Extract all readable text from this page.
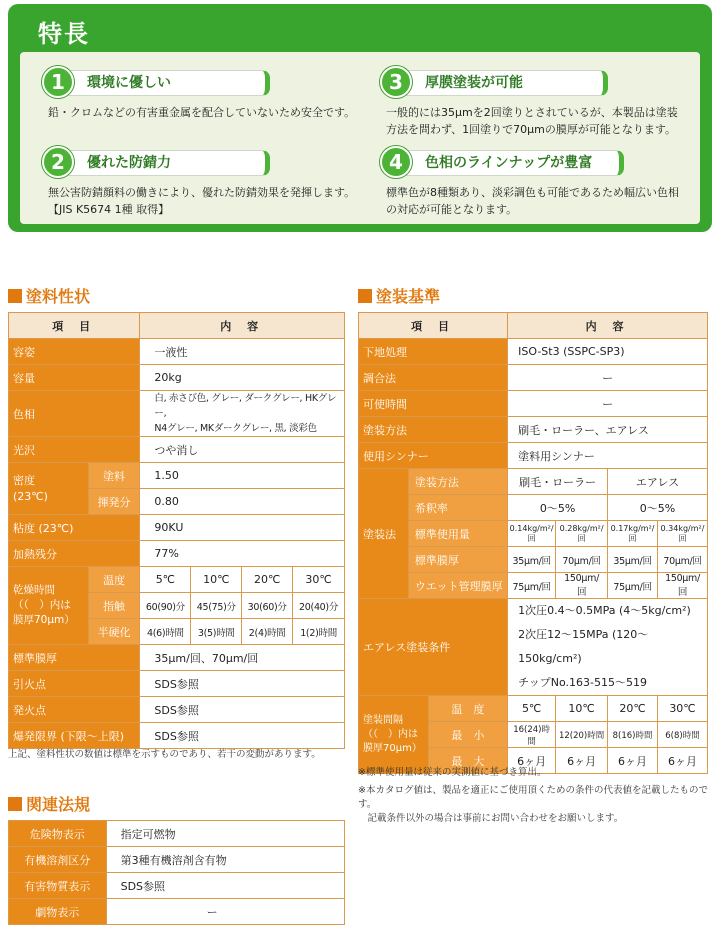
特長
1	環境に優しい
鉛・クロムなどの有害重金属を配合していないため安全です。
2	優れた防錆力
無公害防錆顔料の働きにより、優れた防錆効果を発揮します。
【JIS K5674 1種 取得】
3	厚膜塗装が可能
一般的には35μmを2回塗りとされているが、本製品は塗装
方法を問わず、1回塗りで70μmの膜厚が可能となります。
4	色相のラインナップが豊富
標準色が8種類あり、淡彩調色も可能であるため幅広い色相
の対応が可能となります。
塗料性状
項 目		内 容			
容姿		一液性			
容量		20kg			
色相		白, 赤さび色, グレー, ダークグレー, HKグレー,
N4グレー, MKダークグレー, 黒, 淡彩色			
光沢		つや消し			
密度
(23℃)	塗料	1.50			
	揮発分	0.80			
粘度 (23℃)		90KU			
加熱残分		77%			
乾燥時間
（（　）内は
膜厚70μm）	温度	5℃	10℃	20℃	30℃
	指触	60(90)分	45(75)分	30(60)分	20(40)分
	半硬化	4(6)時間	3(5)時間	2(4)時間	1(2)時間
標準膜厚		35μm/回、70μm/回			
引火点		SDS参照			
発火点		SDS参照			
爆発限界 (下限～上限)		SDS参照			
上記、塗料性状の数値は標準を示すものであり、若干の変動があります。
関連法規
危険物表示	指定可燃物
有機溶剤区分	第3種有機溶剤含有物
有害物質表示	SDS参照
劇物表示	ー
塗装基準
項 目			内 容			
下地処理			ISO-St3 (SSPC-SP3)			
調合法			ー			
可使時間			ー			
塗装方法			刷毛・ローラー、エアレス			
使用シンナー			塗料用シンナー			
塗装法	塗装方法		刷毛・ローラー		エアレス	
	希釈率		0～5%		0～5%	
	標準使用量		0.14kg/m²/回	0.28kg/m²/回	0.17kg/m²/回	0.34kg/m²/回
	標準膜厚		35μm/回	70μm/回	35μm/回	70μm/回
	ウエット管理膜厚		75μm/回	150μm/回	75μm/回	150μm/回
エアレス塗装条件			1次圧0.4～0.5MPa (4～5kg/cm²)
2次圧12～15MPa (120～150kg/cm²)
チップNo.163-515～519			

塗装間隔
（（　）内は
膜厚70μm）		温　度	5℃	10℃	20℃	30℃
		最　小	16(24)時間	12(20)時間	8(16)時間	6(8)時間
		最　大	6ヶ月	6ヶ月	6ヶ月	6ヶ月
※標準使用量は従来の実測値に基づき算出。
※本カタログ値は、製品を適正にご使用頂くための条件の代表値を記載したものです。
　記載条件以外の場合は事前にお問い合わせをお願いします。
